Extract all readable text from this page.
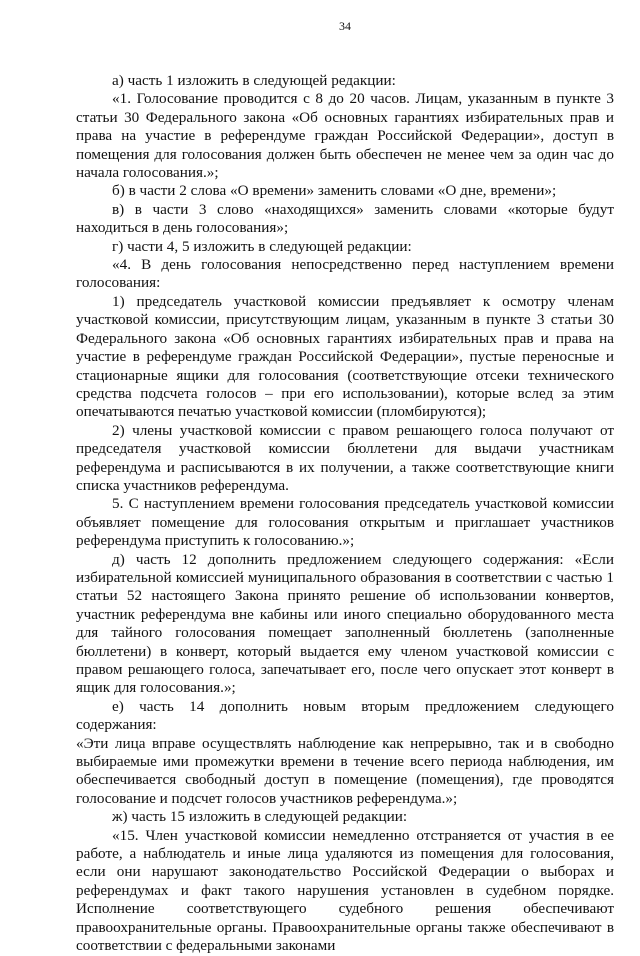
34

а) часть 1 изложить в следующей редакции:

«1. Голосование проводится с 8 до 20 часов. Лицам, указанным в пункте 3 статьи 30 Федерального закона «Об основных гарантиях избирательных прав и права на участие в референдуме граждан Российской Федерации», доступ в помещения для голосования должен быть обеспечен не менее чем за один час до начала голосования.»;

б) в части 2 слова «О времени» заменить словами «О дне, времени»;

в) в части 3 слово «находящихся» заменить словами «которые будут находиться в день голосования»;

г) части 4, 5 изложить в следующей редакции:

«4. В день голосования непосредственно перед наступлением времени голосования:

1) председатель участковой комиссии предъявляет к осмотру членам участковой комиссии, присутствующим лицам, указанным в пункте 3 статьи 30 Федерального закона «Об основных гарантиях избирательных прав и права на участие в референдуме граждан Российской Федерации», пустые переносные и стационарные ящики для голосования (соответствующие отсеки технического средства подсчета голосов – при его использовании), которые вслед за этим опечатываются печатью участковой комиссии (пломбируются);

2) члены участковой комиссии с правом решающего голоса получают от председателя участковой комиссии бюллетени для выдачи участникам референдума и расписываются в их получении, а также соответствующие книги списка участников референдума.

5. С наступлением времени голосования председатель участковой комиссии объявляет помещение для голосования открытым и приглашает участников референдума приступить к голосованию.»;

д) часть 12 дополнить предложением следующего содержания: «Если избирательной комиссией муниципального образования в соответствии с частью 1 статьи 52 настоящего Закона принято решение об использовании конвертов, участник референдума вне кабины или иного специально оборудованного места для тайного голосования помещает заполненный бюллетень (заполненные бюллетени) в конверт, который выдается ему членом участковой комиссии с правом решающего голоса, запечатывает его, после чего опускает этот конверт в ящик для голосования.»;

е) часть 14 дополнить новым вторым предложением следующего содержания:

«Эти лица вправе осуществлять наблюдение как непрерывно, так и в свободно выбираемые ими промежутки времени в течение всего периода наблюдения, им обеспечивается свободный доступ в помещение (помещения), где проводятся голосование и подсчет голосов участников референдума.»;

ж) часть 15 изложить в следующей редакции:

«15. Член участковой комиссии немедленно отстраняется от участия в ее работе, а наблюдатель и иные лица удаляются из помещения для голосования, если они нарушают законодательство Российской Федерации о выборах и референдумах и факт такого нарушения установлен в судебном порядке. Исполнение соответствующего судебного решения обеспечивают правоохранительные органы. Правоохранительные органы также обеспечивают в соответствии с федеральными законами
